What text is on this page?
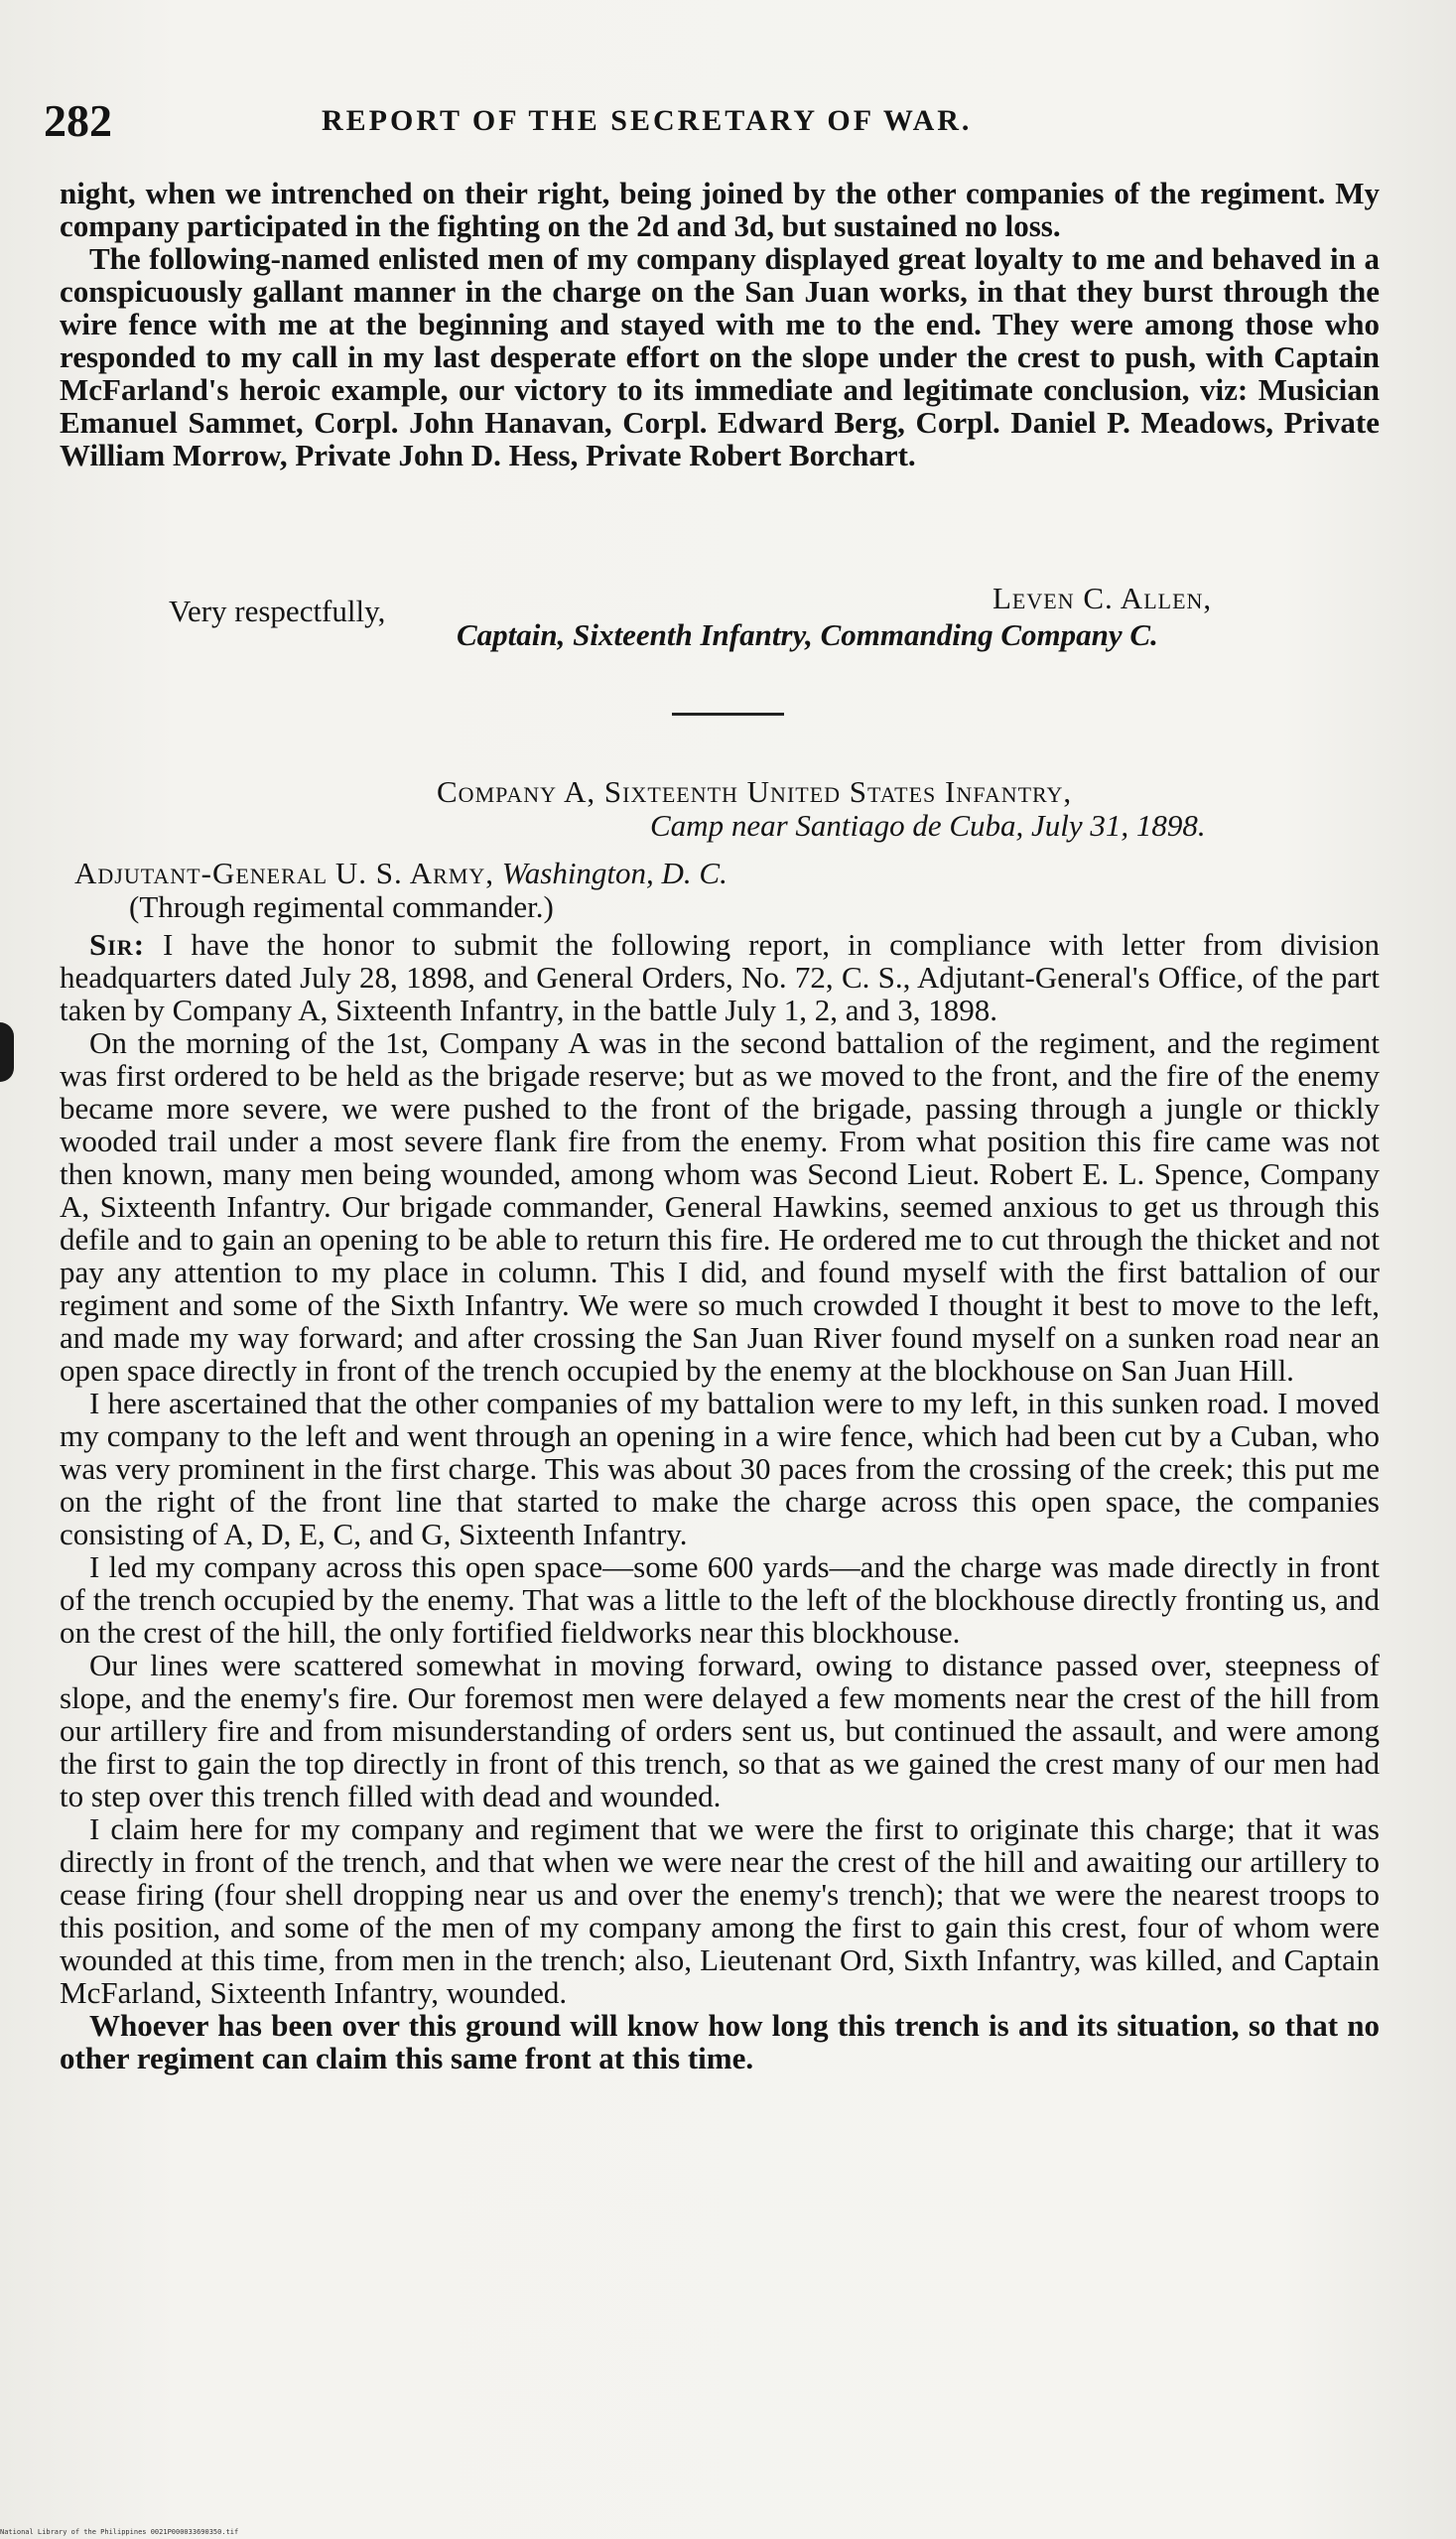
282	REPORT OF THE SECRETARY OF WAR.

night, when we intrenched on their right, being joined by the other companies of the regiment. My company participated in the fighting on the 2d and 3d, but sustained no loss.

The following-named enlisted men of my company displayed great loyalty to me and behaved in a conspicuously gallant manner in the charge on the San Juan works, in that they burst through the wire fence with me at the beginning and stayed with me to the end. They were among those who responded to my call in my last desperate effort on the slope under the crest to push, with Captain McFarland's heroic example, our victory to its immediate and legitimate conclusion, viz: Musician Emanuel Sammet, Corpl. John Hanavan, Corpl. Edward Berg, Corpl. Daniel P. Meadows, Private William Morrow, Private John D. Hess, Private Robert Borchart.

Very respectfully,	Leven C. Allen,
Captain, Sixteenth Infantry, Commanding Company C.
Company A, Sixteenth United States Infantry,
Camp near Santiago de Cuba, July 31, 1898.
Adjutant-General U. S. Army, Washington, D. C.
(Through regimental commander.)

Sir: I have the honor to submit the following report, in compliance with letter from division headquarters dated July 28, 1898, and General Orders, No. 72, C. S., Adjutant-General's Office, of the part taken by Company A, Sixteenth Infantry, in the battle July 1, 2, and 3, 1898.

On the morning of the 1st, Company A was in the second battalion of the regiment, and the regiment was first ordered to be held as the brigade reserve; but as we moved to the front, and the fire of the enemy became more severe, we were pushed to the front of the brigade, passing through a jungle or thickly wooded trail under a most severe flank fire from the enemy. From what position this fire came was not then known, many men being wounded, among whom was Second Lieut. Robert E. L. Spence, Company A, Sixteenth Infantry. Our brigade commander, General Hawkins, seemed anxious to get us through this defile and to gain an opening to be able to return this fire. He ordered me to cut through the thicket and not pay any attention to my place in column. This I did, and found myself with the first battalion of our regiment and some of the Sixth Infantry. We were so much crowded I thought it best to move to the left, and made my way forward; and after crossing the San Juan River found myself on a sunken road near an open space directly in front of the trench occupied by the enemy at the blockhouse on San Juan Hill.

I here ascertained that the other companies of my battalion were to my left, in this sunken road. I moved my company to the left and went through an opening in a wire fence, which had been cut by a Cuban, who was very prominent in the first charge. This was about 30 paces from the crossing of the creek; this put me on the right of the front line that started to make the charge across this open space, the companies consisting of A, D, E, C, and G, Sixteenth Infantry.

I led my company across this open space—some 600 yards—and the charge was made directly in front of the trench occupied by the enemy. That was a little to the left of the blockhouse directly fronting us, and on the crest of the hill, the only fortified fieldworks near this blockhouse.

Our lines were scattered somewhat in moving forward, owing to distance passed over, steepness of slope, and the enemy's fire. Our foremost men were delayed a few moments near the crest of the hill from our artillery fire and from misunderstanding of orders sent us, but continued the assault, and were among the first to gain the top directly in front of this trench, so that as we gained the crest many of our men had to step over this trench filled with dead and wounded.

I claim here for my company and regiment that we were the first to originate this charge; that it was directly in front of the trench, and that when we were near the crest of the hill and awaiting our artillery to cease firing (four shell dropping near us and over the enemy's trench); that we were the nearest troops to this position, and some of the men of my company among the first to gain this crest, four of whom were wounded at this time, from men in the trench; also, Lieutenant Ord, Sixth Infantry, was killed, and Captain McFarland, Sixteenth Infantry, wounded.

Whoever has been over this ground will know how long this trench is and its situation, so that no other regiment can claim this same front at this time.

National Library of the Philippines 0021P000033690350.tif
